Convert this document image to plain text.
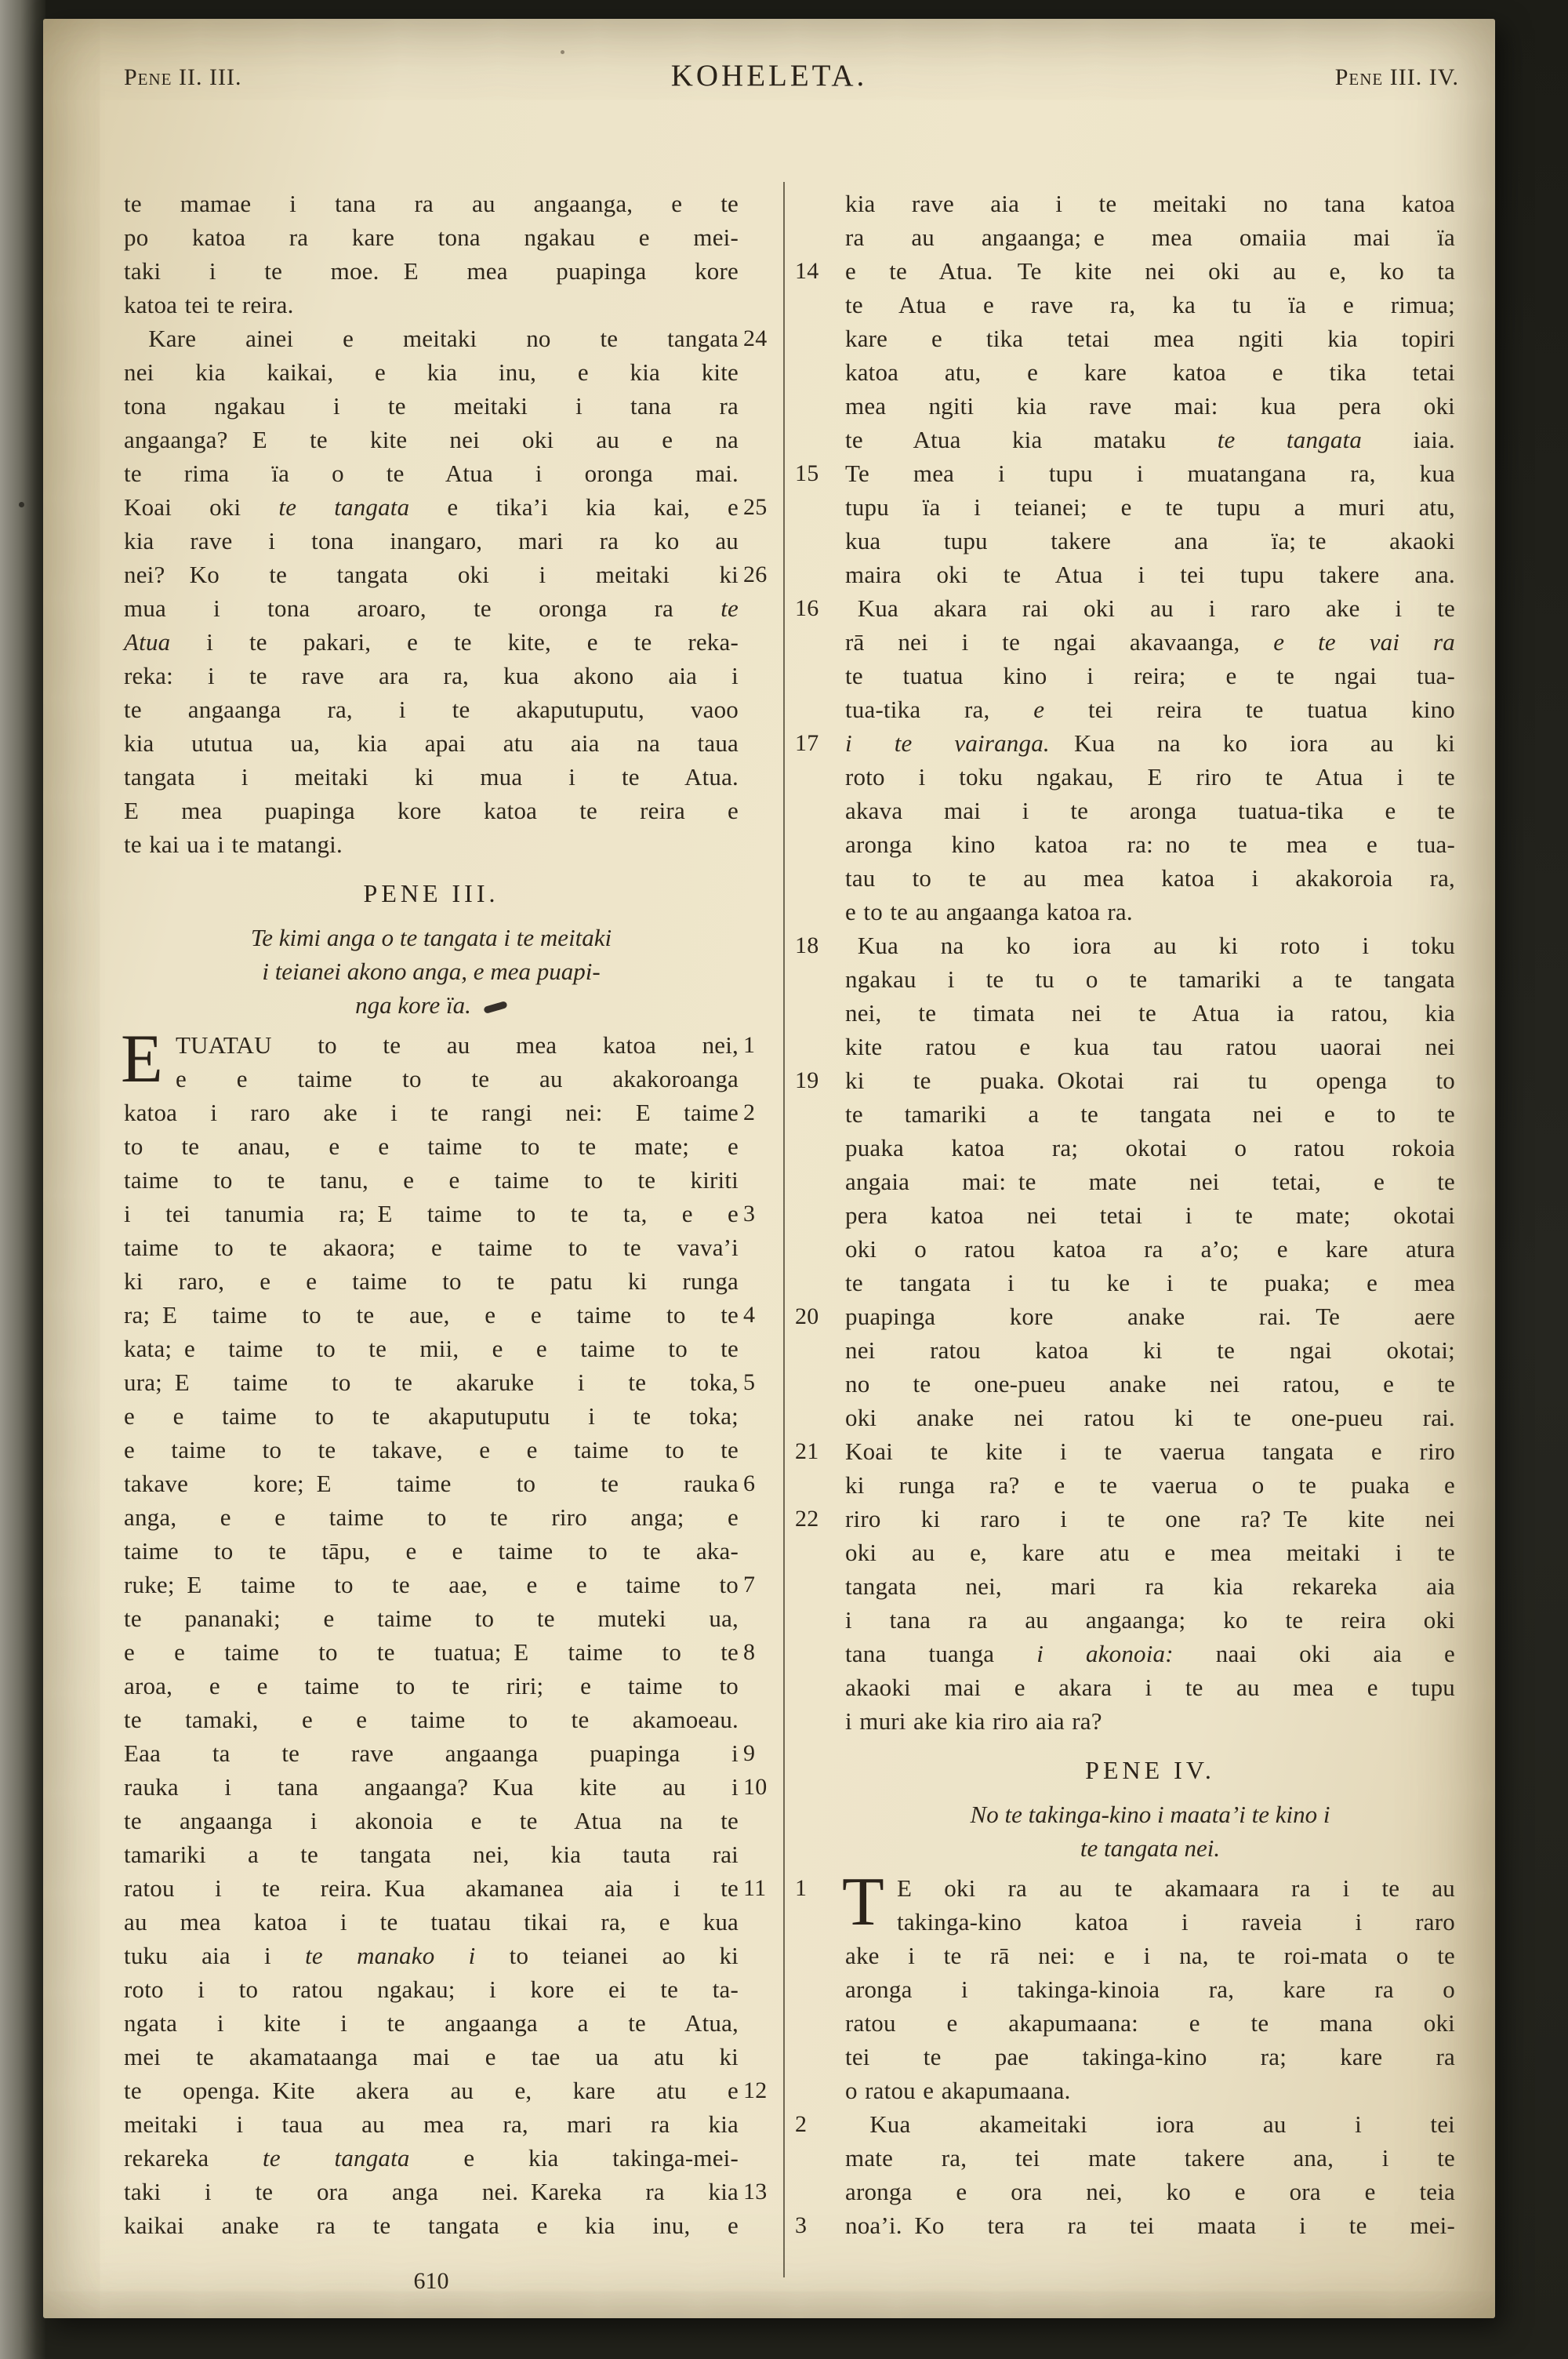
Pene II. III.	KOHELETA.	Pene III. IV.
te mamae i tana ra au angaanga, e te
po katoa ra kare tona ngakau e mei-
taki i te moe. E mea puapinga kore
katoa tei te reira.
 Kare ainei e meitaki no te tangata 24
nei kia kaikai, e kia inu, e kia kite
tona ngakau i te meitaki i tana ra
angaanga? E te kite nei oki au e na
te rima ïa o te Atua i oronga mai.
Koai oki te tangata e tika’i kia kai, e 25
kia rave i tona inangaro, mari ra ko au
nei? Ko te tangata oki i meitaki ki 26
mua i tona aroaro, te oronga ra te
Atua i te pakari, e te kite, e te reka-
reka: i te rave ara ra, kua akono aia i
te angaanga ra, i te akaputuputu, vaoo
kia ututua ua, kia apai atu aia na taua
tangata i meitaki ki mua i te Atua.
E mea puapinga kore katoa te reira e
te kai ua i te matangi.
PENE III.
Te kimi anga o te tangata i te meitaki
i teianei akono anga, e mea puapi-
nga kore ïa.
E TUATAU to te au mea katoa nei, 1
e e taime to te au akakoroanga
katoa i raro ake i te rangi nei: E taime 2
to te anau, e e taime to te mate; e
taime to te tanu, e e taime to te kiriti
i tei tanumia ra; E taime to te ta, e e 3
taime to te akaora; e taime to te vava’i
ki raro, e e taime to te patu ki runga
ra; E taime to te aue, e e taime to te 4
kata; e taime to te mii, e e taime to te
ura; E taime to te akaruke i te toka, 5
e e taime to te akaputuputu i te toka;
e taime to te takave, e e taime to te
takave kore; E taime to te rauka 6
anga, e e taime to te riro anga; e
taime to te tāpu, e e taime to te aka-
ruke; E taime to te aae, e e taime to 7
te pananaki; e taime to te muteki ua,
e e taime to te tuatua; E taime to te 8
aroa, e e taime to te riri; e taime to
te tamaki, e e taime to te akamoeau.
Eaa ta te rave angaanga puapinga i 9
rauka i tana angaanga? Kua kite au i 10
te angaanga i akonoia e te Atua na te
tamariki a te tangata nei, kia tauta rai
ratou i te reira. Kua akamanea aia i te 11
au mea katoa i te tuatau tikai ra, e kua
tuku aia i te manako i to teianei ao ki
roto i to ratou ngakau; i kore ei te ta-
ngata i kite i te angaanga a te Atua,
mei te akamataanga mai e tae ua atu ki
te openga. Kite akera au e, kare atu e 12
meitaki i taua au mea ra, mari ra kia
rekareka te tangata e kia takinga-mei-
taki i te ora anga nei. Kareka ra kia 13
kaikai anake ra te tangata e kia inu, e
kia rave aia i te meitaki no tana katoa
ra au angaanga; e mea omaiia mai ïa
e te Atua. Te kite nei oki au e, ko ta
14
te Atua e rave ra, ka tu ïa e rimua;
kare e tika tetai mea ngiti kia topiri
katoa atu, e kare katoa e tika tetai
mea ngiti kia rave mai: kua pera oki
te Atua kia mataku te tangata iaia.
Te mea i tupu i muatangana ra, kua
15
tupu ïa i teianei; e te tupu a muri atu,
kua tupu takere ana ïa; te akaoki
maira oki te Atua i tei tupu takere ana.
 Kua akara rai oki au i raro ake i te
16
rā nei i te ngai akavaanga, e te vai ra
te tuatua kino i reira; e te ngai tua-
tua-tika ra, e tei reira te tuatua kino
i te vairanga. Kua na ko iora au ki
17
roto i toku ngakau, E riro te Atua i te
akava mai i te aronga tuatua-tika e te
aronga kino katoa ra: no te mea e tua-
tau to te au mea katoa i akakoroia ra,
e to te au angaanga katoa ra.
 Kua na ko iora au ki roto i toku
18
ngakau i te tu o te tamariki a te tangata
nei, te timata nei te Atua ia ratou, kia
kite ratou e kua tau ratou uaorai nei
ki te puaka. Okotai rai tu openga to
19
te tamariki a te tangata nei e to te
puaka katoa ra; okotai o ratou rokoia
angaia mai: te mate nei tetai, e te
pera katoa nei tetai i te mate; okotai
oki o ratou katoa ra a’o; e kare atura
te tangata i tu ke i te puaka; e mea
puapinga kore anake rai. Te aere
20
nei ratou katoa ki te ngai okotai;
no te one-pueu anake nei ratou, e te
oki anake nei ratou ki te one-pueu rai.
Koai te kite i te vaerua tangata e riro
21
ki runga ra? e te vaerua o te puaka e
riro ki raro i te one ra? Te kite nei
22
oki au e, kare atu e mea meitaki i te
tangata nei, mari ra kia rekareka aia
i tana ra au angaanga; ko te reira oki
tana tuanga i akonoia: naai oki aia e
akaoki mai e akara i te au mea e tupu
i muri ake kia riro aia ra?
PENE IV.
No te takinga-kino i maata’i te kino i
te tangata nei.
T E oki ra au te akamaara ra i te au
1
takinga-kino katoa i raveia i raro
ake i te rā nei: e i na, te roi-mata o te
aronga i takinga-kinoia ra, kare ra o
ratou e akapumaana: e te mana oki
tei te pae takinga-kino ra; kare ra
o ratou e akapumaana.
 Kua akameitaki iora au i tei
2
mate ra, tei mate takere ana, i te
aronga e ora nei, ko e ora e teia
noa’i. Ko tera ra tei maata i te mei-
3
610
